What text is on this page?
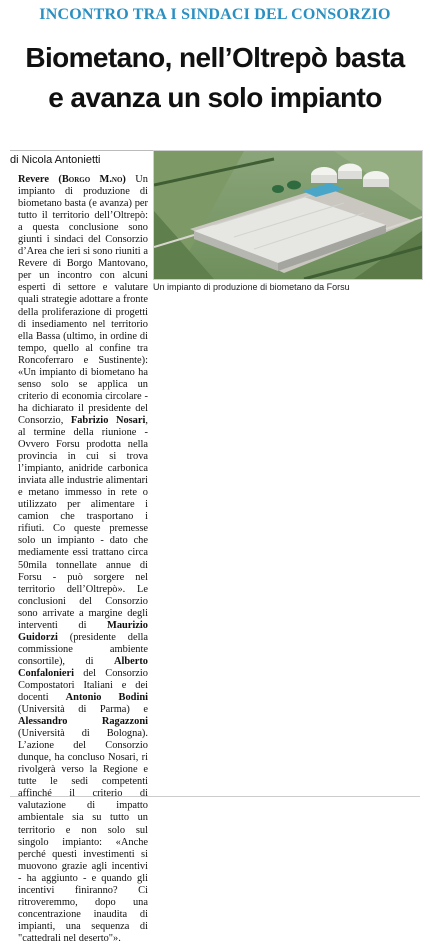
INCONTRO TRA I SINDACI DEL CONSORZIO
Biometano, nell’Oltrepò basta
e avanza un solo impianto
di Nicola Antonietti

Revere (Borgo M.no) Un impianto di produzione di biometano basta (e avanza) per tutto il territorio dell’Oltrepò: a questa conclusione sono giunti i sindaci del Consorzio d’Area che ieri si sono riuniti a Revere di Borgo Mantovano, per un incontro con alcuni esperti di settore e valutare quali strategie adottare a fronte della proliferazione di progetti di insediamento nel territorio ella Bassa (ultimo, in ordine di tempo, quello al confine tra Roncoferraro e Sustinente): «Un impianto di biometano ha senso solo se applica un criterio di economia circolare - ha dichiarato il presidente del Consorzio, Fabrizio Nosari, al termine della riunione - Ovvero Forsu prodotta nella provincia in cui si trova l’impianto, anidride carbonica inviata alle industrie alimentari e metano immesso in rete o utilizzato per alimentare i camion che trasportano i rifiuti. Co queste premesse solo un impianto - dato che mediamente essi trattano circa 50mila tonnellate annue di Forsu - può sorgere nel territorio dell’Oltrepò». Le conclusioni del Consorzio sono arrivate a margine degli interventi di Maurizio Guidorzi (presidente della commissione ambiente consortile), di Alberto Confalonieri del Consorzio Compostatori Italiani e dei docenti Antonio Bodini (Università di Parma) e Alessandro Ragazzoni (Università di Bologna). L’azione del Consorzio dunque, ha concluso Nosari, ri rivolgerà verso la Regione e tutte le sedi competenti affinché il criterio di valutazione di impatto ambientale sia su tutto un territorio e non solo sul singolo impianto: «Anche perché questi investimenti si muovono grazie agli incentivi - ha aggiunto - e quando gli incentivi finiranno? Ci ritroveremmo, dopo una concentrazione inaudita di impianti, una sequenza di "cattedrali nel deserto"».

Un impianto di produzione di biometano da Forsu
